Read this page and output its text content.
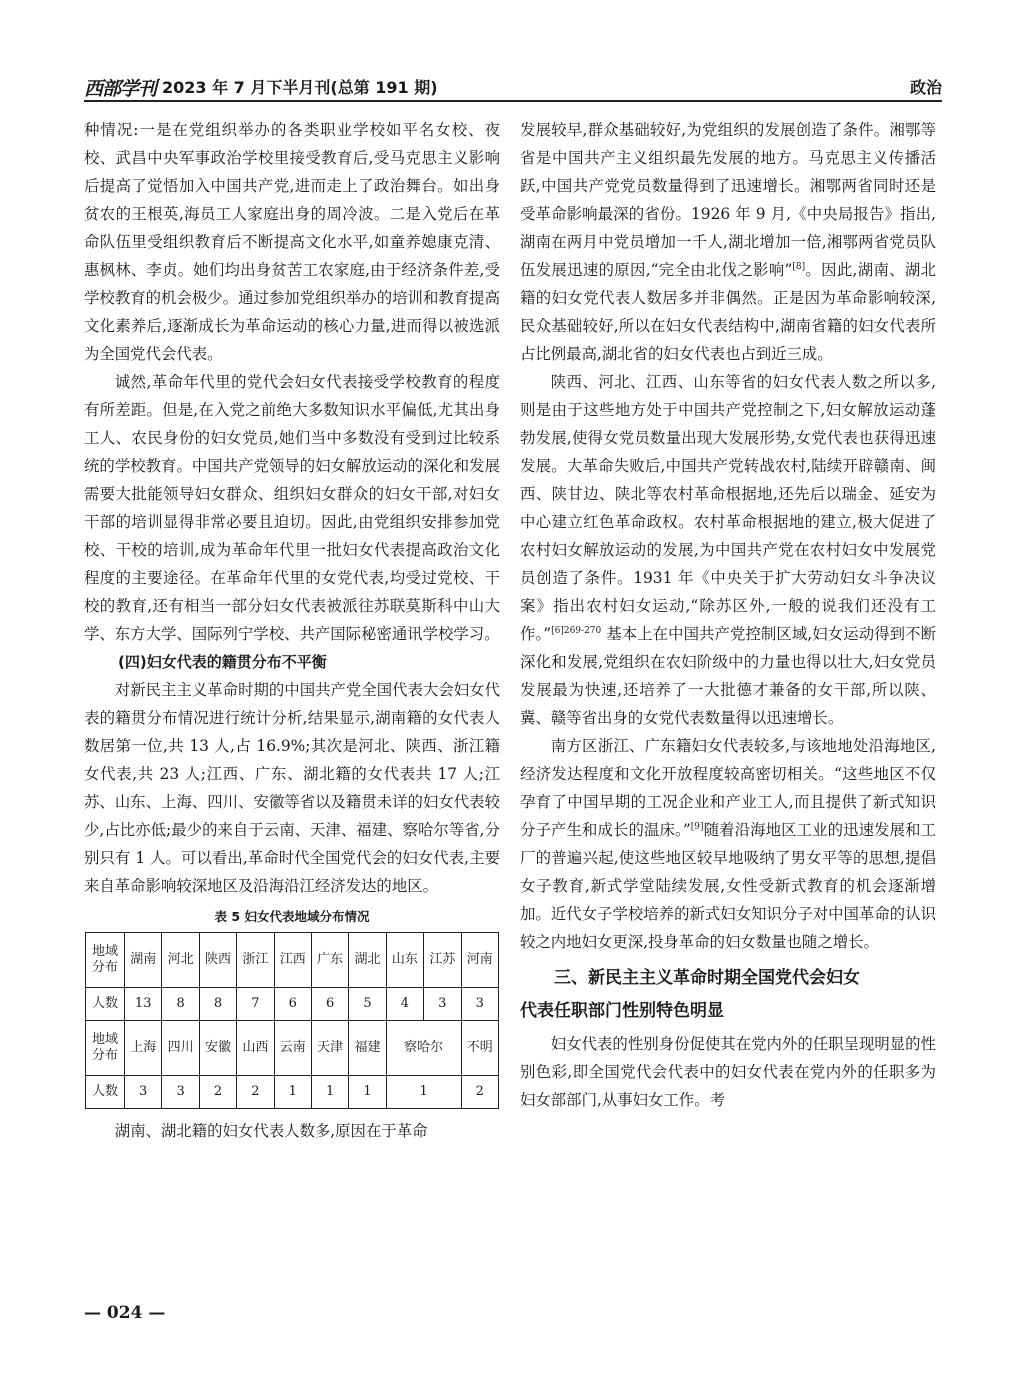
西部学刊 2023 年 7 月下半月刊(总第 191 期)	政治

种情况:一是在党组织举办的各类职业学校如平名女校、夜校、武昌中央军事政治学校里接受教育后,受马克思主义影响后提高了觉悟加入中国共产党,进而走上了政治舞台。如出身贫农的王根英,海员工人家庭出身的周冷波。二是入党后在革命队伍里受组织教育后不断提高文化水平,如童养媳康克清、惠枫林、李贞。她们均出身贫苦工农家庭,由于经济条件差,受学校教育的机会极少。通过参加党组织举办的培训和教育提高文化素养后,逐渐成长为革命运动的核心力量,进而得以被选派为全国党代会代表。

诚然,革命年代里的党代会妇女代表接受学校教育的程度有所差距。但是,在入党之前绝大多数知识水平偏低,尤其出身工人、农民身份的妇女党员,她们当中多数没有受到过比较系统的学校教育。中国共产党领导的妇女解放运动的深化和发展需要大批能领导妇女群众、组织妇女群众的妇女干部,对妇女干部的培训显得非常必要且迫切。因此,由党组织安排参加党校、干校的培训,成为革命年代里一批妇女代表提高政治文化程度的主要途径。在革命年代里的女党代表,均受过党校、干校的教育,还有相当一部分妇女代表被派往苏联莫斯科中山大学、东方大学、国际列宁学校、共产国际秘密通讯学校学习。

(四)妇女代表的籍贯分布不平衡

对新民主主义革命时期的中国共产党全国代表大会妇女代表的籍贯分布情况进行统计分析,结果显示,湖南籍的女代表人数居第一位,共 13 人,占 16.9%;其次是河北、陕西、浙江籍女代表,共 23 人;江西、广东、湖北籍的女代表共 17 人;江苏、山东、上海、四川、安徽等省以及籍贯未详的妇女代表较少,占比亦低;最少的来自于云南、天津、福建、察哈尔等省,分别只有 1 人。可以看出,革命时代全国党代会的妇女代表,主要来自革命影响较深地区及沿海沿江经济发达的地区。

表 5 妇女代表地域分布情况
地域分布	湖南	河北	陕西	浙江	江西	广东	湖北	山东	江苏	河南
人数	13	8	8	7	6	6	5	4	3	3
地域分布	上海	四川	安徽	山西	云南	天津	福建	察哈尔		不明
人数	3	3	2	2	1	1	1	1		2

湖南、湖北籍的妇女代表人数多,原因在于革命

发展较早,群众基础较好,为党组织的发展创造了条件。湘鄂等省是中国共产主义组织最先发展的地方。马克思主义传播活跃,中国共产党党员数量得到了迅速增长。湘鄂两省同时还是受革命影响最深的省份。1926 年 9 月,《中央局报告》指出,湖南在两月中党员增加一千人,湖北增加一倍,湘鄂两省党员队伍发展迅速的原因,“完全由北伐之影响”[8]。因此,湖南、湖北籍的妇女党代表人数居多并非偶然。正是因为革命影响较深,民众基础较好,所以在妇女代表结构中,湖南省籍的妇女代表所占比例最高,湖北省的妇女代表也占到近三成。

陕西、河北、江西、山东等省的妇女代表人数之所以多,则是由于这些地方处于中国共产党控制之下,妇女解放运动蓬勃发展,使得女党员数量出现大发展形势,女党代表也获得迅速发展。大革命失败后,中国共产党转战农村,陆续开辟赣南、闽西、陕甘边、陕北等农村革命根据地,还先后以瑞金、延安为中心建立红色革命政权。农村革命根据地的建立,极大促进了农村妇女解放运动的发展,为中国共产党在农村妇女中发展党员创造了条件。1931 年《中央关于扩大劳动妇女斗争决议案》指出农村妇女运动,“除苏区外,一般的说我们还没有工作。”$^{[6]269-270}$ 基本上在中国共产党控制区域,妇女运动得到不断深化和发展,党组织在农妇阶级中的力量也得以壮大,妇女党员发展最为快速,还培养了一大批德才兼备的女干部,所以陕、冀、赣等省出身的女党代表数量得以迅速增长。

南方区浙江、广东籍妇女代表较多,与该地地处沿海地区,经济发达程度和文化开放程度较高密切相关。“这些地区不仅孕育了中国早期的工况企业和产业工人,而且提供了新式知识分子产生和成长的温床。”[9]随着沿海地区工业的迅速发展和工厂的普遍兴起,使这些地区较早地吸纳了男女平等的思想,提倡女子教育,新式学堂陆续发展,女性受新式教育的机会逐渐增加。近代女子学校培养的新式妇女知识分子对中国革命的认识较之内地妇女更深,投身革命的妇女数量也随之增长。

三、新民主主义革命时期全国党代会妇女
代表任职部门性别特色明显

妇女代表的性别身份促使其在党内外的任职呈现明显的性别色彩,即全国党代会代表中的妇女代表在党内外的任职多为妇女部部门,从事妇女工作。考

— 024 —
